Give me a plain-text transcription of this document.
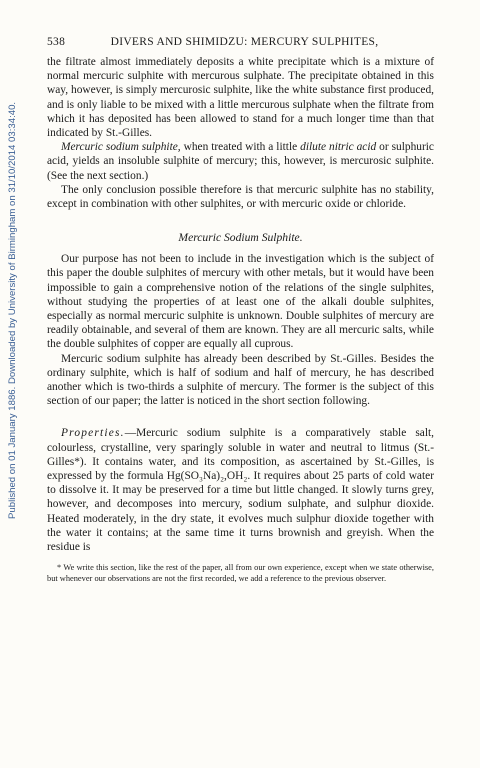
Published on 01 January 1886. Downloaded by University of Birmingham on 31/10/2014 03:34:40.
538	DIVERS AND SHIMIDZU: MERCURY SULPHITES,

the filtrate almost immediately deposits a white precipitate which is a mixture of normal mercuric sulphite with mercurous sulphate. The precipitate obtained in this way, however, is simply mercurosic sulphite, like the white substance first produced, and is only liable to be mixed with a little mercurous sulphate when the filtrate from which it has deposited has been allowed to stand for a much longer time than that indicated by St.-Gilles.

Mercuric sodium sulphite, when treated with a little dilute nitric acid or sulphuric acid, yields an insoluble sulphite of mercury; this, however, is mercurosic sulphite. (See the next section.)

The only conclusion possible therefore is that mercuric sulphite has no stability, except in combination with other sulphites, or with mercuric oxide or chloride.

Mercuric Sodium Sulphite.

Our purpose has not been to include in the investigation which is the subject of this paper the double sulphites of mercury with other metals, but it would have been impossible to gain a comprehensive notion of the relations of the single sulphites, without studying the properties of at least one of the alkali double sulphites, especially as normal mercuric sulphite is unknown. Double sulphites of mercury are readily obtainable, and several of them are known. They are all mercuric salts, while the double sulphites of copper are equally all cuprous.

Mercuric sodium sulphite has already been described by St.-Gilles. Besides the ordinary sulphite, which is half of sodium and half of mercury, he has described another which is two-thirds a sulphite of mercury. The former is the subject of this section of our paper; the latter is noticed in the short section following.

Properties.—Mercuric sodium sulphite is a comparatively stable salt, colourless, crystalline, very sparingly soluble in water and neutral to litmus (St.-Gilles*). It contains water, and its composition, as ascertained by St.-Gilles, is expressed by the formula Hg(SO₃Na)₂,OH₂. It requires about 25 parts of cold water to dissolve it. It may be preserved for a time but little changed. It slowly turns grey, however, and decomposes into mercury, sodium sulphate, and sulphur dioxide. Heated moderately, in the dry state, it evolves much sulphur dioxide together with the water it contains; at the same time it turns brownish and greyish. When the residue is

* We write this section, like the rest of the paper, all from our own experience, except when we state otherwise, but whenever our observations are not the first recorded, we add a reference to the previous observer.
